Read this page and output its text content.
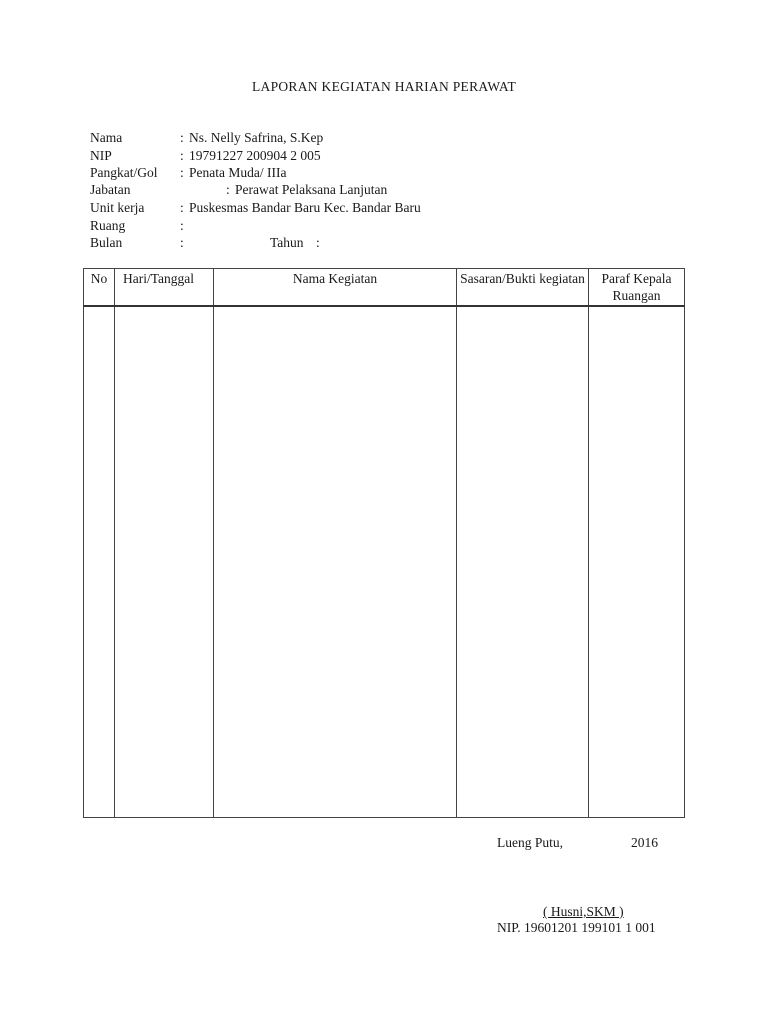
LAPORAN KEGIATAN HARIAN PERAWAT
Nama	: Ns. Nelly Safrina, S.Kep
NIP	: 19791227 200904 2 005
Pangkat/Gol : Penata Muda/ IIIa
Jabatan	: Perawat Pelaksana Lanjutan
Unit kerja	: Puskesmas Bandar Baru Kec. Bandar Baru
Ruang	:
Bulan	:	Tahun :
No	Hari/Tanggal	Nama Kegiatan	Sasaran/Bukti kegiatan	Paraf Kepala Ruangan

Lueng Putu,	2016
( Husni,SKM )
NIP. 19601201 199101 1 001
